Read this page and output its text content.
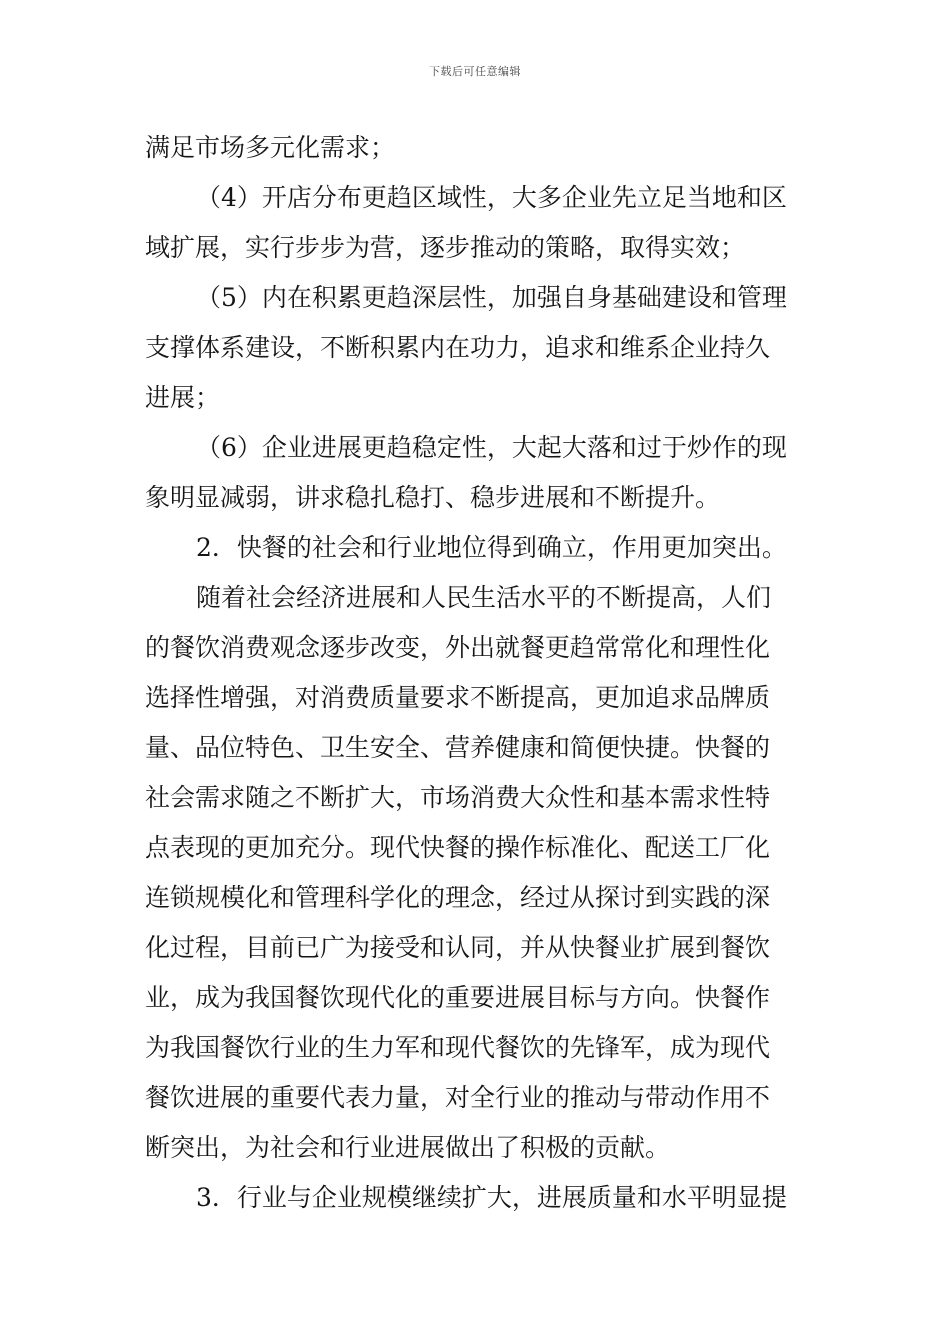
下载后可任意编辑
满足市场多元化需求；
（4）开店分布更趋区域性，大多企业先立足当地和区
域扩展，实行步步为营，逐步推动的策略，取得实效；
（5）内在积累更趋深层性，加强自身基础建设和管理
支撑体系建设，不断积累内在功力，追求和维系企业持久
进展；
（6）企业进展更趋稳定性，大起大落和过于炒作的现
象明显减弱，讲求稳扎稳打、稳步进展和不断提升。
2．快餐的社会和行业地位得到确立，作用更加突出。
随着社会经济进展和人民生活水平的不断提高，人们
的餐饮消费观念逐步改变，外出就餐更趋常常化和理性化
选择性增强，对消费质量要求不断提高，更加追求品牌质
量、品位特色、卫生安全、营养健康和简便快捷。快餐的
社会需求随之不断扩大，市场消费大众性和基本需求性特
点表现的更加充分。现代快餐的操作标准化、配送工厂化
连锁规模化和管理科学化的理念，经过从探讨到实践的深
化过程，目前已广为接受和认同，并从快餐业扩展到餐饮
业，成为我国餐饮现代化的重要进展目标与方向。快餐作
为我国餐饮行业的生力军和现代餐饮的先锋军，成为现代
餐饮进展的重要代表力量，对全行业的推动与带动作用不
断突出，为社会和行业进展做出了积极的贡献。
3．行业与企业规模继续扩大，进展质量和水平明显提
